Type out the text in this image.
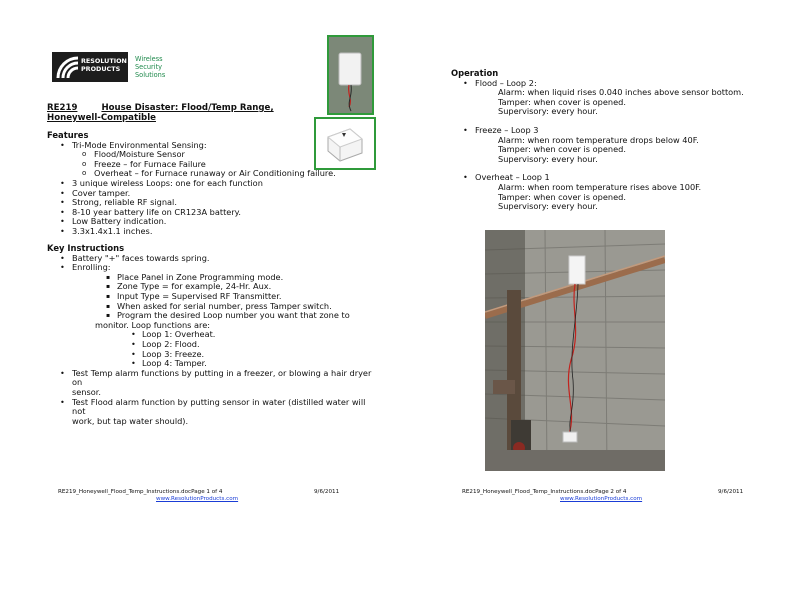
RESOLUTION
PRODUCTS
Wireless
Security
Solutions
RE219	House Disaster: Flood/Temp Range,
Honeywell-Compatible
Features
• Tri-Mode Environmental Sensing:
o Flood/Moisture Sensor
o Freeze – for Furnace Failure
o Overheat – for Furnace runaway or Air Conditioning failure.
• 3 unique wireless Loops: one for each function
• Cover tamper.
• Strong, reliable RF signal.
• 8-10 year battery life on CR123A battery.
• Low Battery indication.
• 3.3x1.4x1.1 inches.
Key Instructions
• Battery "+" faces towards spring.
• Enrolling:
▪ Place Panel in Zone Programming mode.
▪ Zone Type = for example, 24-Hr. Aux.
▪ Input Type = Supervised RF Transmitter.
▪ When asked for serial number, press Tamper switch.
▪ Program the desired Loop number you want that zone to
monitor. Loop functions are:
• Loop 1: Overheat.
• Loop 2: Flood.
• Loop 3: Freeze.
• Loop 4: Tamper.
• Test Temp alarm functions by putting in a freezer, or blowing a hair dryer on
sensor.
• Test Flood alarm function by putting sensor in water (distilled water will not
work, but tap water should).
RE219_Honeywell_Flood_Temp_Instructions.docPage 1 of 4	9/6/2011
www.ResolutionProducts.com
Operation
• Flood – Loop 2:
Alarm: when liquid rises 0.040 inches above sensor bottom.
Tamper: when cover is opened.
Supervisory: every hour.
• Freeze – Loop 3
Alarm: when room temperature drops below 40F.
Tamper: when cover is opened.
Supervisory: every hour.
• Overheat – Loop 1
Alarm: when room temperature rises above 100F.
Tamper: when cover is opened.
Supervisory: every hour.
RE219_Honeywell_Flood_Temp_Instructions.docPage 2 of 4	9/6/2011
www.ResolutionProducts.com
